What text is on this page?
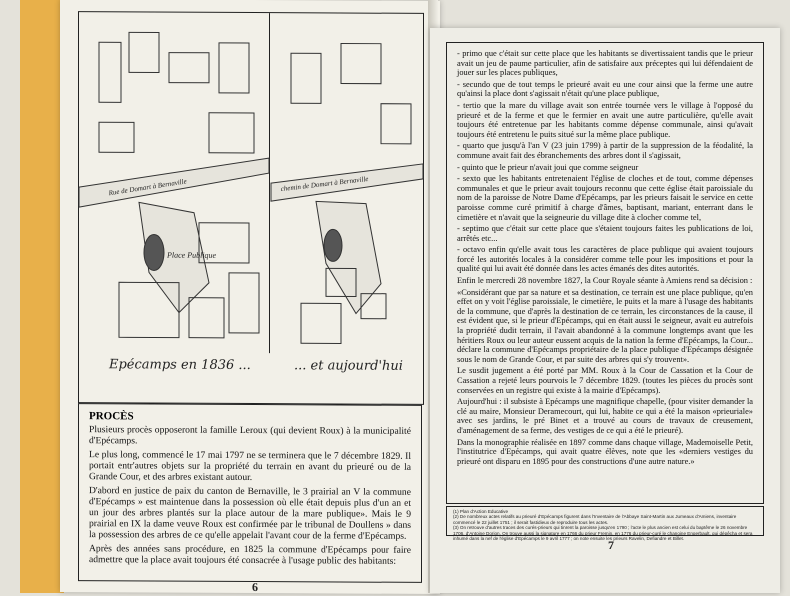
Rue de Domart à Bernaville
Place Publique
chemin de Domart à Bernaville
Epécamps en 1836 ...	... et aujourd'hui

PROCÈS

Plusieurs procès opposeront la famille Leroux (qui devient Roux) à la municipalité d'Epécamps.

Le plus long, commencé le 17 mai 1797 ne se terminera que le 7 décembre 1829. Il portait entr'autres objets sur la propriété du terrain en avant du prieuré ou de la Grande Cour, et des arbres existant autour.

D'abord en justice de paix du canton de Bernaville, le 3 prairial an V la commune d'Epécamps » est maintenue dans la possession où elle était depuis plus d'un an et un jour des arbres plantés sur la place autour de la mare publique». Mais le 9 prairial en IX la dame veuve Roux est confirmée par le tribunal de Doullens » dans la possession des arbres de ce qu'elle appelait l'avant cour de la ferme d'Epécamps.

Après des années sans procédure, en 1825 la commune d'Epécamps pour faire admettre que la place avait toujours été consacrée à l'usage public des habitants:

6

- primo que c'était sur cette place que les habitants se divertissaient tandis que le prieur avait un jeu de paume particulier, afin de satisfaire aux préceptes qui lui défendaient de jouer sur les places publiques,

- secundo que de tout temps le prieuré avait eu une cour ainsi que la ferme une autre qu'ainsi la place dont s'agissait n'était qu'une place publique,

- tertio que la mare du village avait son entrée tournée vers le village à l'opposé du prieuré et de la ferme et que le fermier en avait une autre particulière, qu'elle avait toujours été entretenue par les habitants comme dépense communale, ainsi qu'avait toujours été entretenu le puits situé sur la même place publique.

- quarto que jusqu'à l'an V (23 juin 1799) à partir de la suppression de la féodalité, la commune avait fait des ébranchements des arbres dont il s'agissait,

- quinto que le prieur n'avait joui que comme seigneur

- sexto que les habitants entretenaient l'église de cloches et de tout, comme dépenses communales et que le prieur avait toujours reconnu que cette église était paroissiale du nom de la paroisse de Notre Dame d'Epécamps, par les prieurs faisait le service en cette paroisse comme curé primitif à charge d'âmes, baptisant, mariant, enterrant dans le cimetière et n'avait que la seigneurie du village dite à clocher comme tel,

- septimo que c'était sur cette place que s'étaient toujours faites les publications de loi, arrêtés etc...

- octavo enfin qu'elle avait tous les caractères de place publique qui avaient toujours forcé les autorités locales à la considérer comme telle pour les impositions et pour la qualité qui lui avait été donnée dans les actes émanés des dites autorités.

Enfin le mercredi 28 novembre 1827, la Cour Royale séante à Amiens rend sa décision :

«Considérant que par sa nature et sa destination, ce terrain est une place publique, qu'en effet on y voit l'église paroissiale, le cimetière, le puits et la mare à l'usage des habitants de la commune, que d'après la destination de ce terrain, les circonstances de la cause, il est évident que, si le prieur d'Epécamps, qui en était aussi le seigneur, avait eu autrefois la propriété dudit terrain, il l'avait abandonné à la commune longtemps avant que les héritiers Roux ou leur auteur eussent acquis de la nation la ferme d'Epécamps, la Cour... déclare la commune d'Epécamps propriétaire de la place publique d'Epécamps désignée sous le nom de Grande Cour, et par suite des arbres qui s'y trouvent».

Le susdit jugement a été porté par MM. Roux à la Cour de Cassation et la Cour de Cassation a rejeté leurs pourvois le 7 décembre 1829. (toutes les pièces du procès sont conservées en un registre qui existe à la mairie d'Epécamps).

Aujourd'hui : il subsiste à Epécamps une magnifique chapelle, (pour visiter demander la clé au maire, Monsieur Deramecourt, qui lui, habite ce qui a été la maison «prieuriale» avec ses jardins, le pré Binet et a trouvé au cours de travaux de creusement, d'aménagement de sa ferme, des vestiges de ce qui a été le prieuré).

Dans la monographie réalisée en 1897 comme dans chaque village, Mademoiselle Petit, l'institutrice d'Epécamps, qui avait quatre élèves, note que les «derniers vestiges du prieuré ont disparu en 1895 pour des constructions d'une autre nature.»

(1) Plan d'Action Educative

(2) De nombreux actes relatifs au prieuré d'Epécamps figurent dans l'Inventaire de l'Abbaye Saint-Martin aux Jumeaux d'Amiens, inventaire commencé le 22 juillet 1751 ; il serait fastidieux de reproduire tous les actes.

(3) On retrouve d'autres traces des curés-prieurs qui tinrent la paroisse jusqu'en 1790 ; l'acte le plus ancien est celui du baptême le 26 novembre 1706, d'Antoine Dorion. On trouve aussi la signature en 1766 du prieur Fremin, en 1776 du prieur-curé le chanoine Engerbault, qui dépêcha et sera inhumé dans la nef de l'église d'Epécamps le 9 avril 1777 ; on note ensuite les prieurs Ravelin, Defiandre et Billet.

7
